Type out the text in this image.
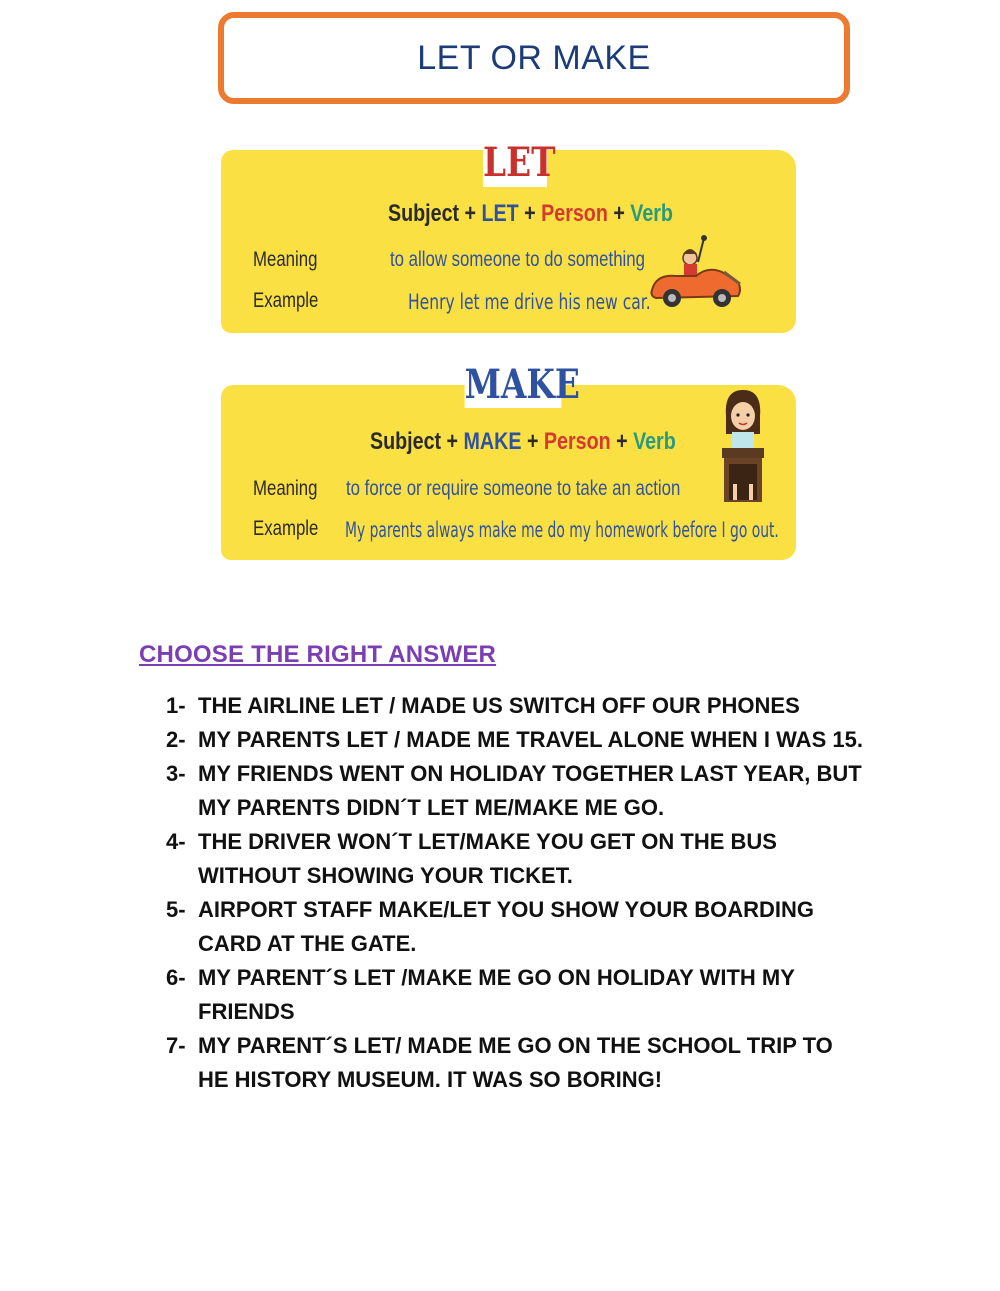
LET OR MAKE
LET
Subject + LET + Person + Verb
Meaning	to allow someone to do something
Example	Henry let me drive his new car.
MAKE
Subject + MAKE + Person + Verb
Meaning to force or require someone to take an action
Example My parents always make me do my homework before I go out.
CHOOSE THE RIGHT ANSWER
1- THE AIRLINE LET / MADE US SWITCH OFF OUR PHONES
2- MY PARENTS LET / MADE ME TRAVEL ALONE WHEN I WAS 15.
3- MY FRIENDS WENT ON HOLIDAY TOGETHER LAST YEAR, BUT MY PARENTS DIDN´T LET ME/MAKE ME GO.
4- THE DRIVER WON´T LET/MAKE YOU GET ON THE BUS WITHOUT SHOWING YOUR TICKET.
5- AIRPORT STAFF MAKE/LET YOU SHOW YOUR BOARDING CARD AT THE GATE.
6- MY PARENT´S LET /MAKE ME GO ON HOLIDAY WITH MY FRIENDS
7- MY PARENT´S LET/ MADE ME GO ON THE SCHOOL TRIP TO HE HISTORY MUSEUM. IT WAS SO BORING!
